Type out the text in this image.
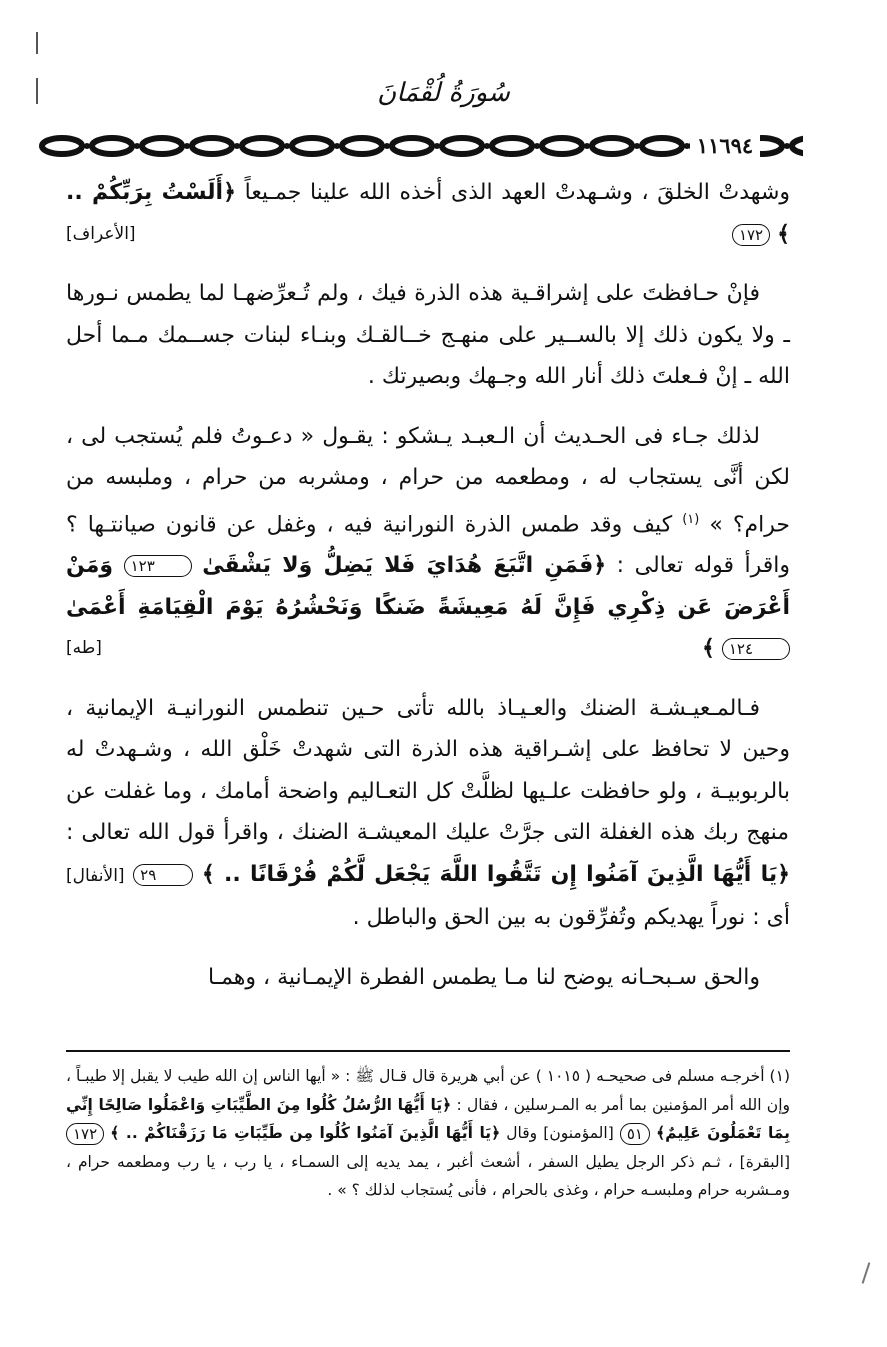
سُورَةُ لُقْمَانَ
١١٦٩٤

وشهدتْ الخلقَ ، وشـهدتْ العهد الذى أخذه الله علينا جمـيعاً ﴿أَلَسْتُ بِرَبِّكُمْ .. ﴾ ١٧٢
[الأعراف]

فإنْ حـافظتَ على إشراقـية هذه الذرة فيك ، ولم تُـعرِّضهـا لما يطمس نـورها ـ ولا يكون ذلك إلا بالســير على منهـج خــالقـك وبنـاء لبنات جســمك مـما أحل الله ـ إنْ فـعلتَ ذلك أنار الله وجـهك وبصيرتك .

لذلك جـاء فى الحـديث أن الـعبـد يـشكو : يقـول « دعـوتُ فلم يُستجب لى ، لكن أنَّى يستجاب له ، ومطعمه من حرام ، ومشربه من حرام ، وملبسه من حرام؟ » $^{(١)}$ كيف وقد طمس الذرة النورانية فيه ، وغفل عن قانون صيانتـها ؟ واقرأ قوله تعالى : ﴿فَمَنِ اتَّبَعَ هُدَايَ فَلا يَضِلُّ وَلا يَشْقَىٰ ١٢٣ وَمَنْ أَعْرَضَ عَن ذِكْرِي فَإِنَّ لَهُ مَعِيشَةً ضَنكًا وَنَحْشُرُهُ يَوْمَ الْقِيَامَةِ أَعْمَىٰ ١٢٤ ﴾
[طه]

فـالمـعيـشـة الضنك والعـيـاذ بالله تأتى حـين تنطمس النورانيـة الإيمانية ، وحين لا تحافظ على إشـراقية هذه الذرة التى شهدتْ خَلْق الله ، وشـهدتْ له بالربوبيـة ، ولو حافظت علـيها لظلَّتْ كل التعـاليم واضحة أمامك ، وما غفلت عن منهج ربك هذه الغفلة التى جرَّتْ عليك المعيشـة الضنك ، واقرأ قول الله تعالى : ﴿يَا أَيُّهَا الَّذِينَ آمَنُوا إِن تَتَّقُوا اللَّهَ يَجْعَل لَّكُمْ فُرْقَانًا .. ﴾ ٢٩ [الأنفال] أى : نوراً يهديكم وتُفرِّقون به بين الحق والباطل .

والحق سـبحـانه يوضح لنا مـا يطمس الفطرة الإيمـانية ، وهمـا

(١) أخرجـه مسلم فى صحيحـه ( ١٠١٥ ) عن أبي هريرة قال قـال ﷺ : « أيها الناس إن الله طيب لا يقبل إلا طيبـاً ، وإن الله أمر المؤمنين بما أمر به المـرسلين ، فقال : ﴿يَا أَيُّهَا الرُّسُلُ كُلُوا مِنَ الطَّيِّبَاتِ وَاعْمَلُوا صَالِحًا إِنِّي بِمَا تَعْمَلُونَ عَلِيمٌ﴾ ٥١ [المؤمنون] وقال ﴿يَا أَيُّهَا الَّذِينَ آمَنُوا كُلُوا مِن طَيِّبَاتِ مَا رَزَقْنَاكُمْ .. ﴾ ١٧٢ [البقرة] ، ثـم ذكر الرجل يطيل السفر ، أشعث أغبر ، يمد يديه إلى السمـاء ، يا رب ، يا رب ومطعمه حرام ، ومـشربه حرام وملبسـه حرام ، وغذى بالحرام ، فأنى يُستجاب لذلك ؟ » .
